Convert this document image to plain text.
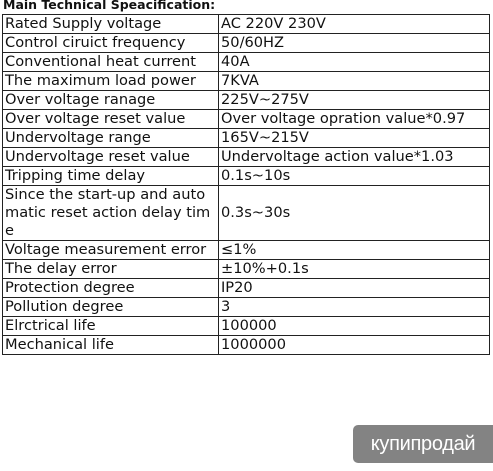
Main Technical Speacification:
Rated Supply voltage	AC 220V 230V
Control ciruict frequency	50/60HZ
Conventional heat current	40A
The maximum load power	7KVA
Over voltage ranage	225V~275V
Over voltage reset value	Over voltage opration value*0.97
Undervoltage range	165V~215V
Undervoltage reset value	Undervoltage action value*1.03
Tripping time delay	0.1s~10s
Since the start-up and automatic reset action delay time	0.3s~30s
Voltage measurement error	≤1%
The delay error	±10%+0.1s
Protection degree	IP20
Pollution degree	3
Elrctrical life	100000
Mechanical life	1000000
купипродай
